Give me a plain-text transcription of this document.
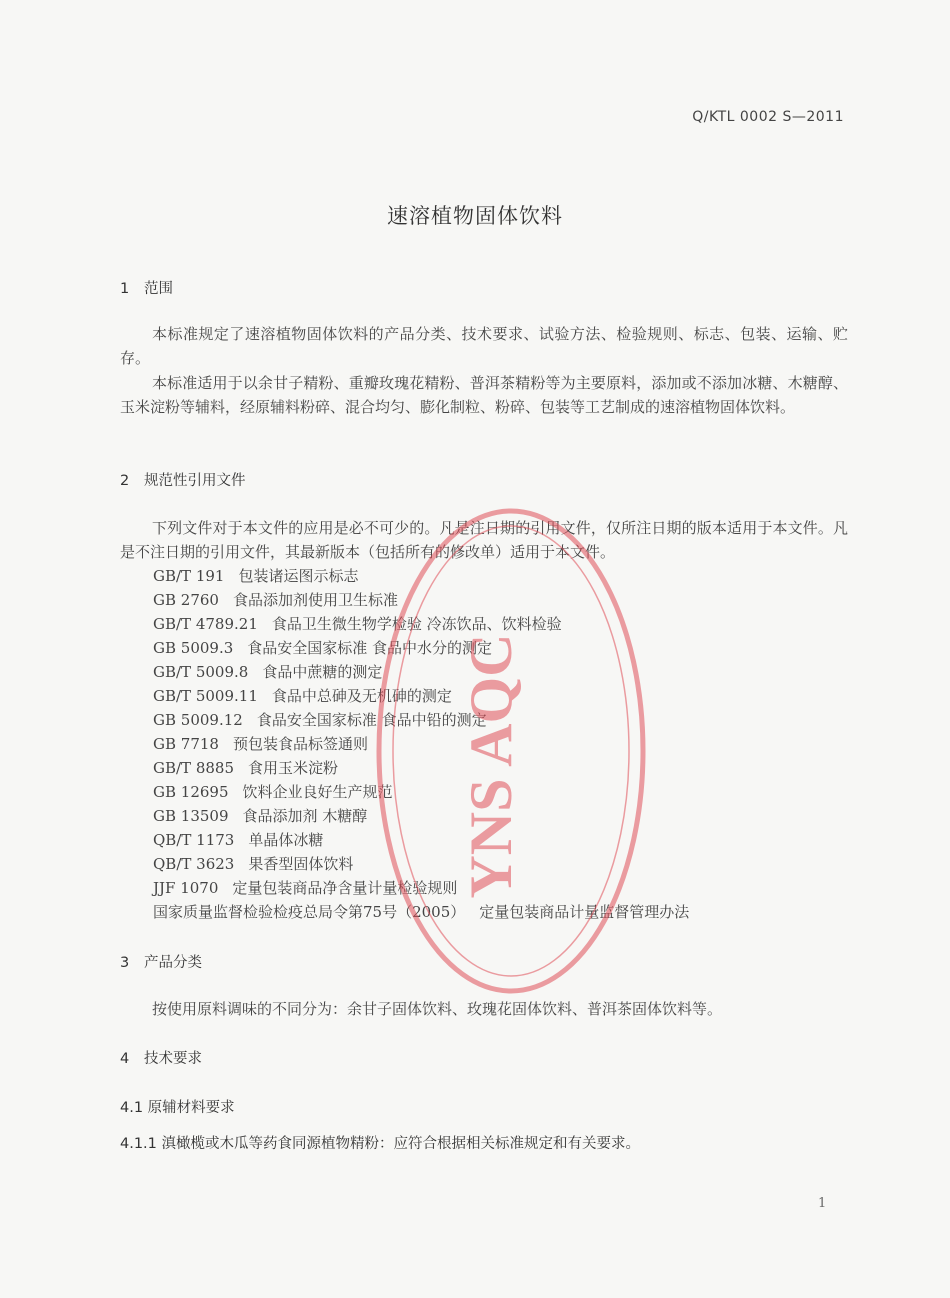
Q/KTL 0002 S—2011
速溶植物固体饮料
1 范围
本标准规定了速溶植物固体饮料的产品分类、技术要求、试验方法、检验规则、标志、包装、运输、贮存。
本标准适用于以余甘子精粉、重瓣玫瑰花精粉、普洱茶精粉等为主要原料，添加或不添加冰糖、木糖醇、玉米淀粉等辅料，经原辅料粉碎、混合均匀、膨化制粒、粉碎、包装等工艺制成的速溶植物固体饮料。
2 规范性引用文件
下列文件对于本文件的应用是必不可少的。凡是注日期的引用文件，仅所注日期的版本适用于本文件。凡是不注日期的引用文件，其最新版本（包括所有的修改单）适用于本文件。
GB/T 191 包装诸运图示标志
GB 2760 食品添加剂使用卫生标准
GB/T 4789.21 食品卫生微生物学检验 冷冻饮品、饮料检验
GB 5009.3 食品安全国家标准 食品中水分的测定
GB/T 5009.8 食品中蔗糖的测定
GB/T 5009.11 食品中总砷及无机砷的测定
GB 5009.12 食品安全国家标准 食品中铅的测定
GB 7718 预包装食品标签通则
GB/T 8885 食用玉米淀粉
GB 12695 饮料企业良好生产规范
GB 13509 食品添加剂 木糖醇
QB/T 1173 单晶体冰糖
QB/T 3623 果香型固体饮料
JJF 1070 定量包装商品净含量计量检验规则
国家质量监督检验检疫总局令第75号（2005） 定量包装商品计量监督管理办法
3 产品分类
按使用原料调味的不同分为：余甘子固体饮料、玫瑰花固体饮料、普洱茶固体饮料等。
4 技术要求
4.1 原辅材料要求
4.1.1 滇橄榄或木瓜等药食同源植物精粉：应符合根据相关标准规定和有关要求。
1
YNS AQC
